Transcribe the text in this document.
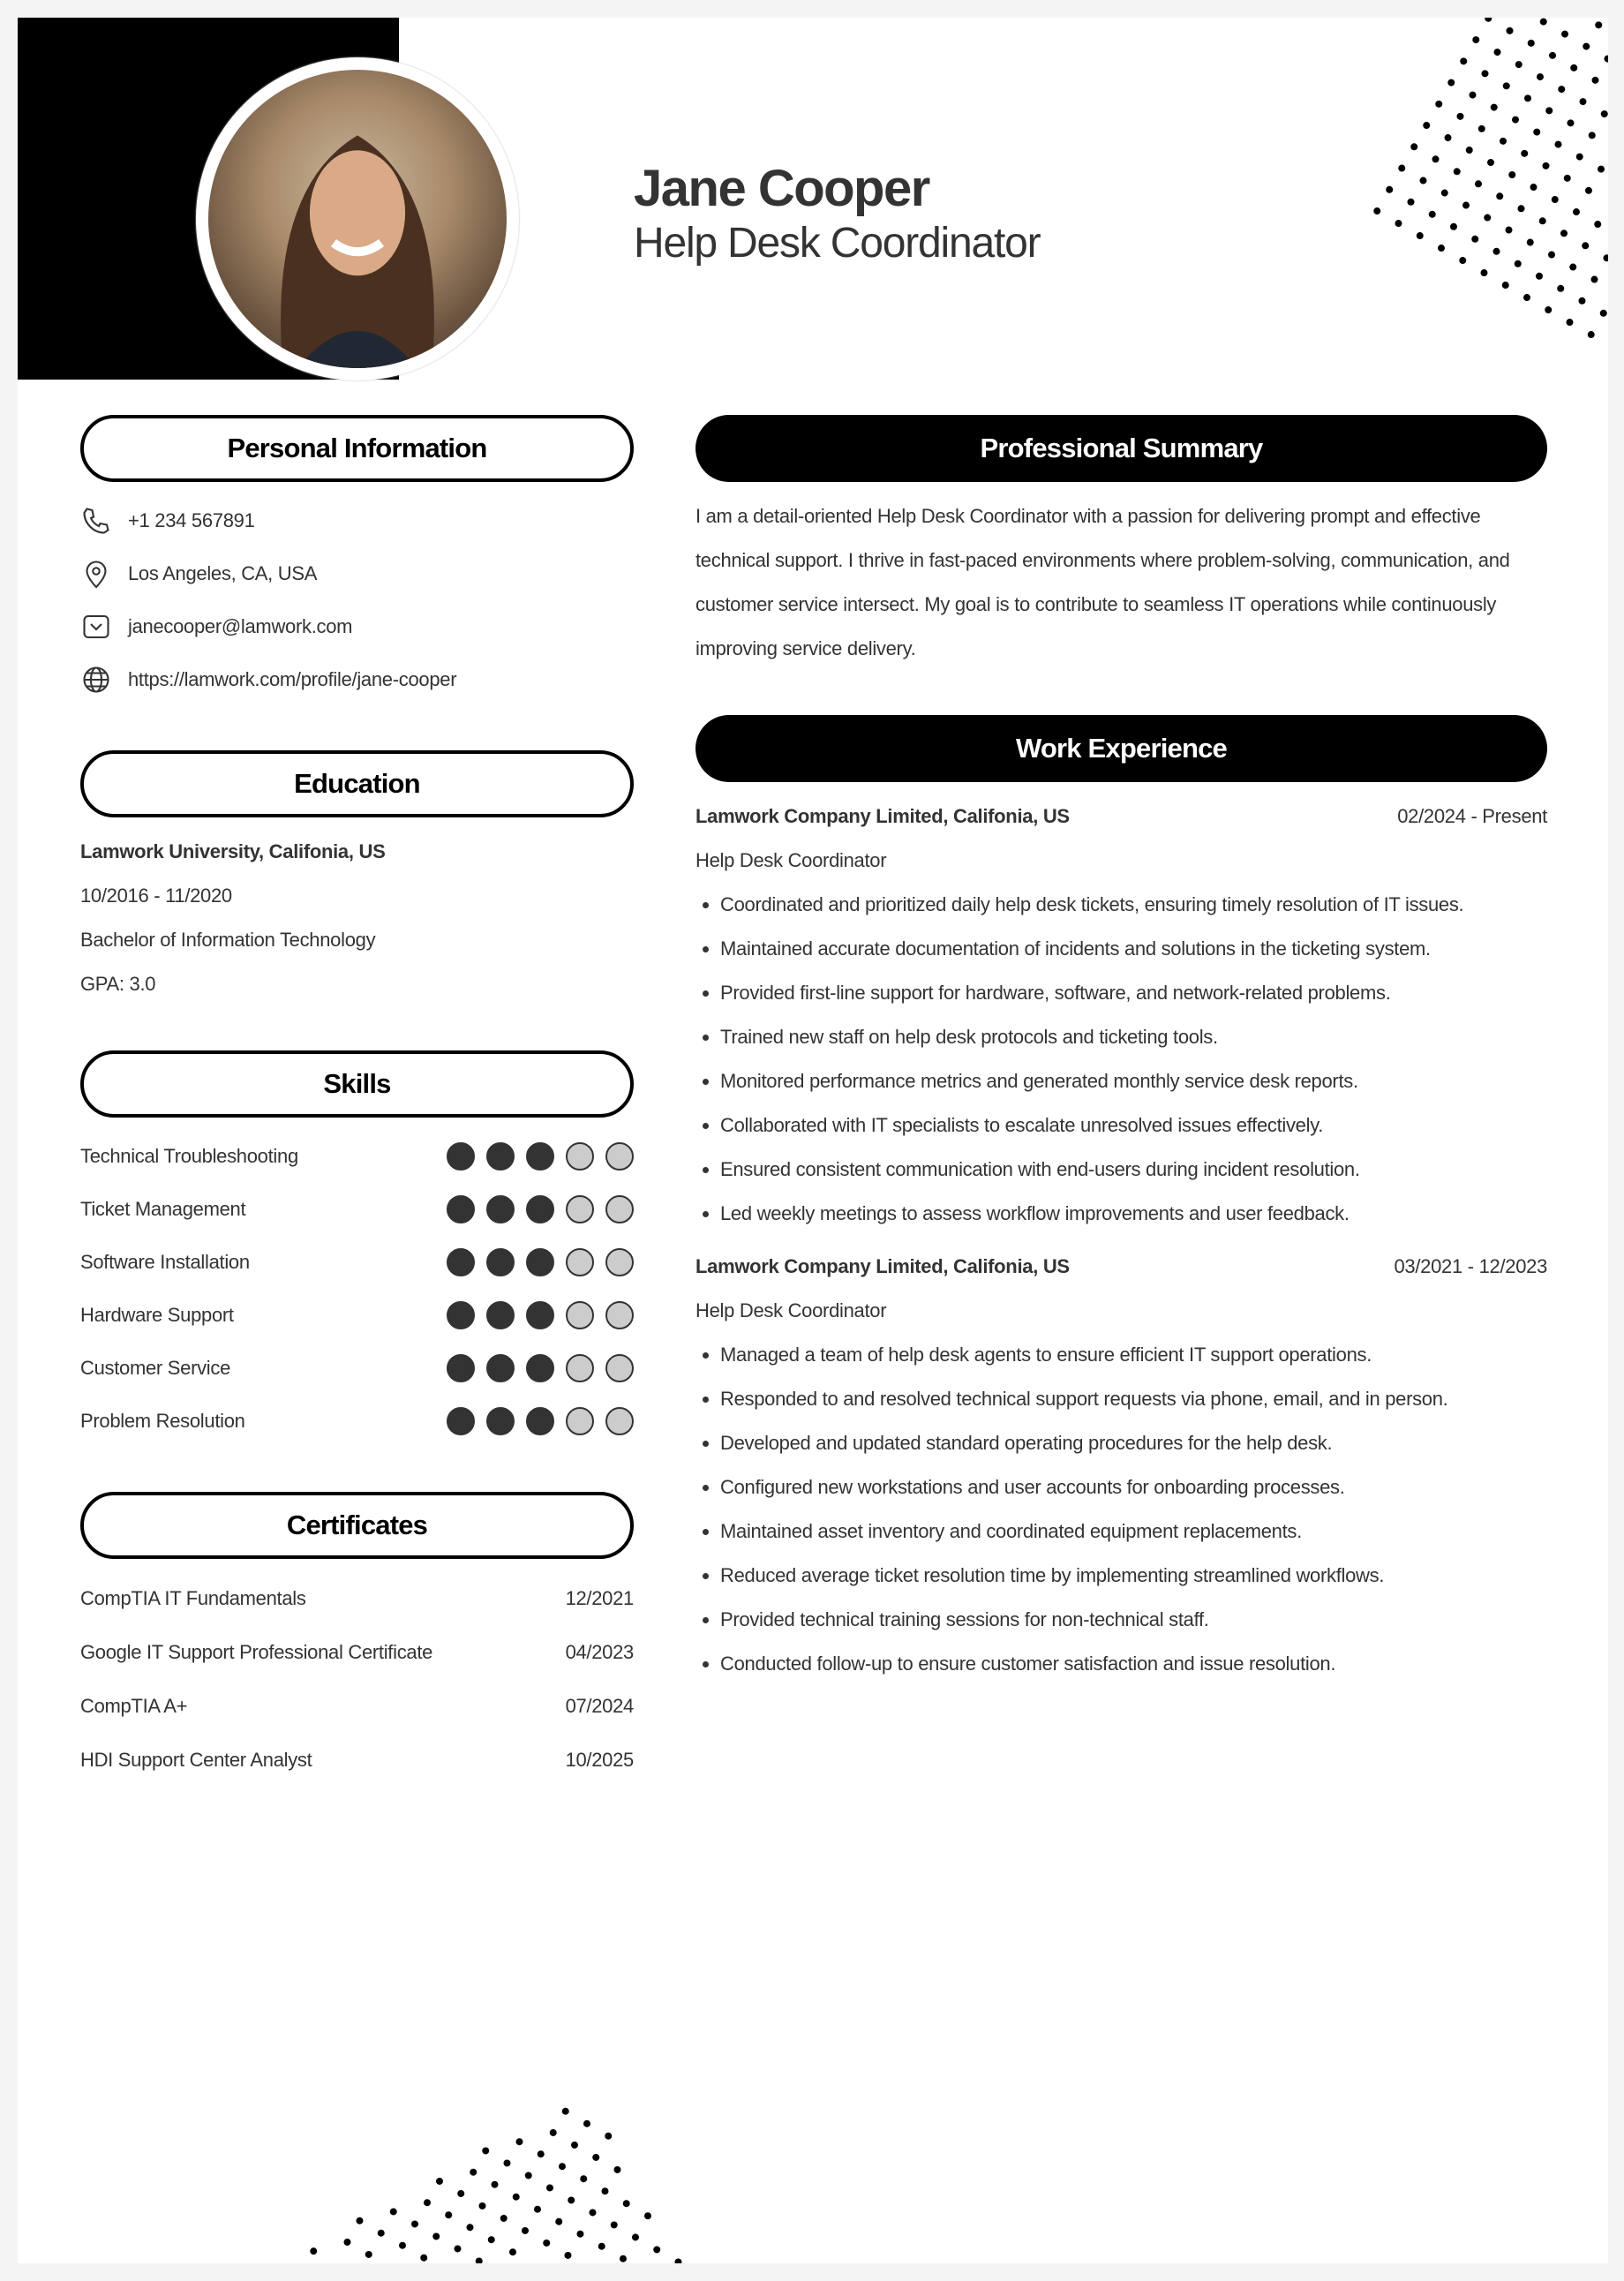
Jane Cooper
Help Desk Coordinator
Personal Information
+1 234 567891
Los Angeles, CA, USA
janecooper@lamwork.com
https://lamwork.com/profile/jane-cooper
Education
Lamwork University, Califonia, US
10/2016 - 11/2020
Bachelor of Information Technology
GPA: 3.0
Skills
Technical Troubleshooting
Ticket Management
Software Installation
Hardware Support
Customer Service
Problem Resolution
Certificates
CompTIA IT Fundamentals	12/2021
Google IT Support Professional Certificate	04/2023
CompTIA A+	07/2024
HDI Support Center Analyst	10/2025
Professional Summary
I am a detail-oriented Help Desk Coordinator with a passion for delivering prompt and effective technical support. I thrive in fast-paced environments where problem-solving, communication, and customer service intersect. My goal is to contribute to seamless IT operations while continuously improving service delivery.
Work Experience
Lamwork Company Limited, Califonia, US	02/2024 - Present
Help Desk Coordinator
Coordinated and prioritized daily help desk tickets, ensuring timely resolution of IT issues.
Maintained accurate documentation of incidents and solutions in the ticketing system.
Provided first-line support for hardware, software, and network-related problems.
Trained new staff on help desk protocols and ticketing tools.
Monitored performance metrics and generated monthly service desk reports.
Collaborated with IT specialists to escalate unresolved issues effectively.
Ensured consistent communication with end-users during incident resolution.
Led weekly meetings to assess workflow improvements and user feedback.
Lamwork Company Limited, Califonia, US	03/2021 - 12/2023
Help Desk Coordinator
Managed a team of help desk agents to ensure efficient IT support operations.
Responded to and resolved technical support requests via phone, email, and in person.
Developed and updated standard operating procedures for the help desk.
Configured new workstations and user accounts for onboarding processes.
Maintained asset inventory and coordinated equipment replacements.
Reduced average ticket resolution time by implementing streamlined workflows.
Provided technical training sessions for non-technical staff.
Conducted follow-up to ensure customer satisfaction and issue resolution.
